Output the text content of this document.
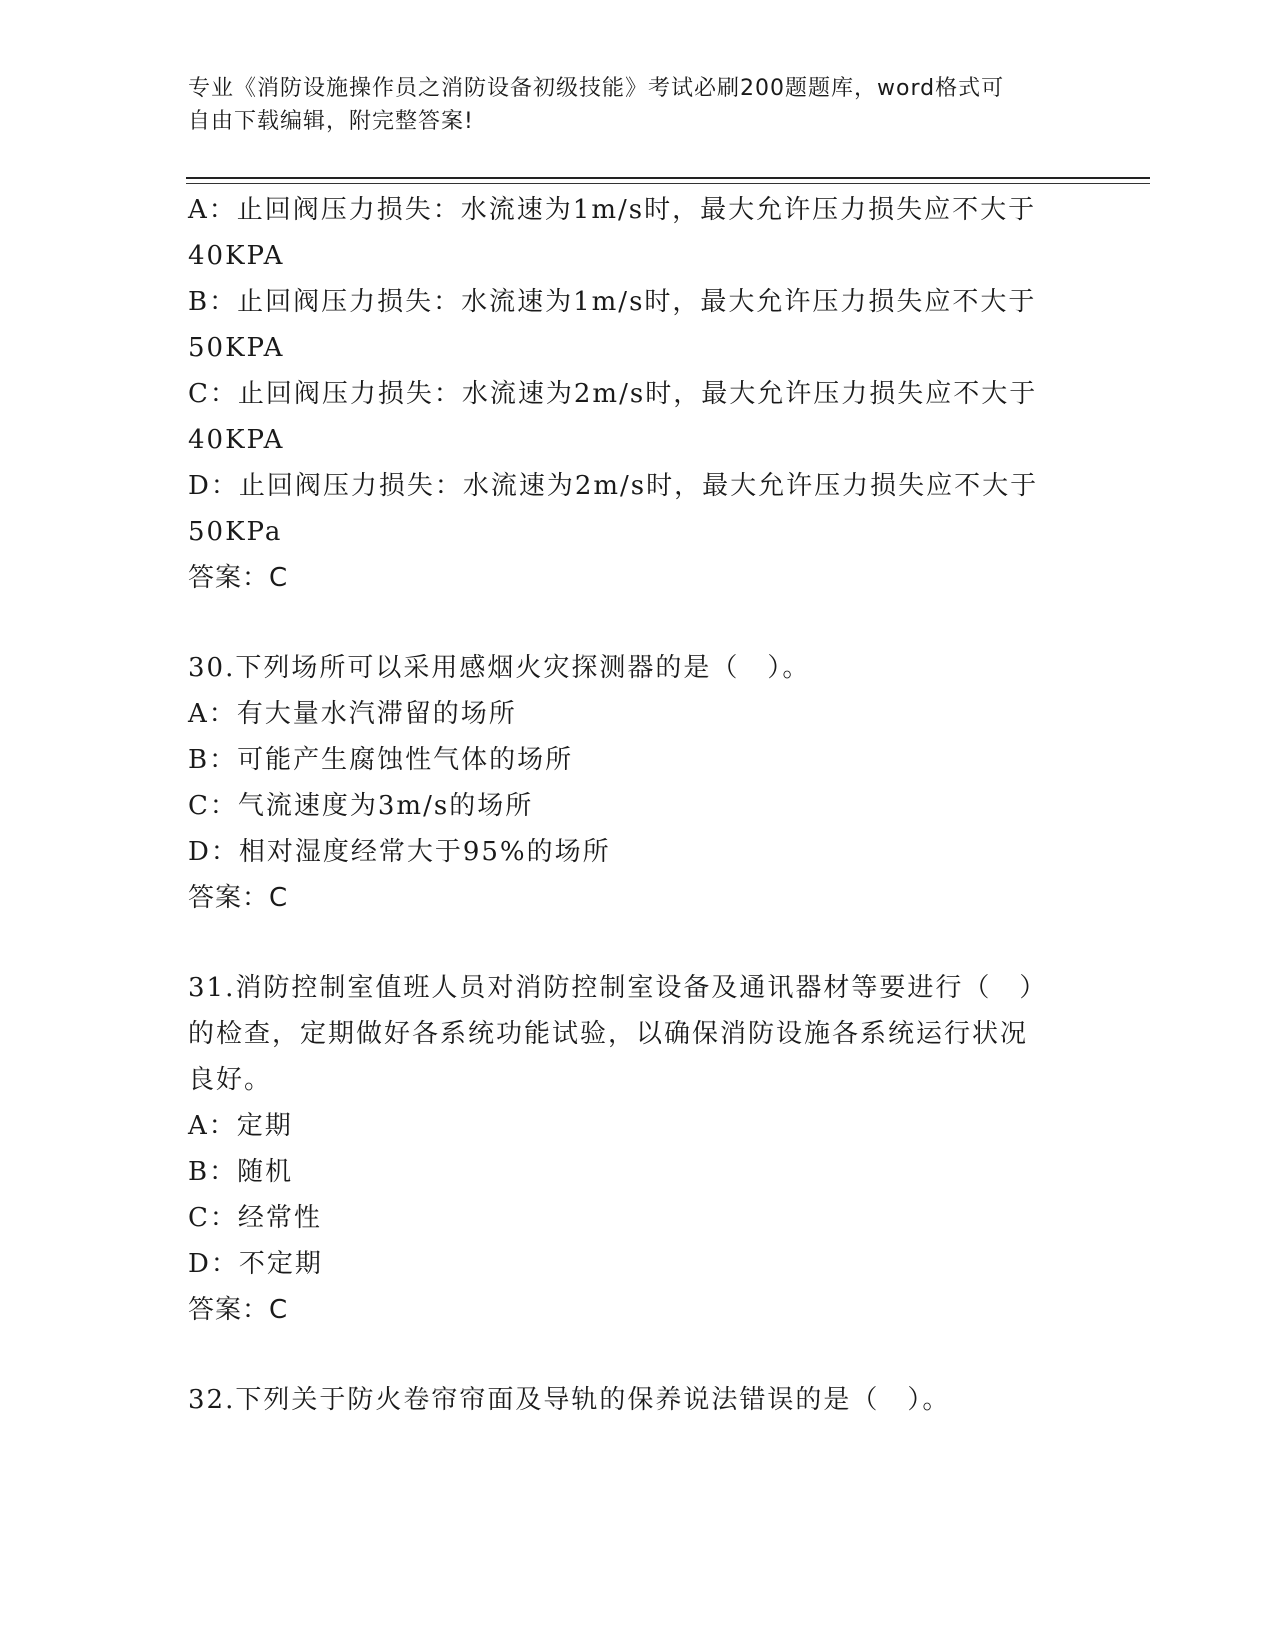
专业《消防设施操作员之消防设备初级技能》考试必刷200题题库，word格式可
自由下载编辑，附完整答案!
A：止回阀压力损失：水流速为1m/s时，最大允许压力损失应不大于
40KPA
B：止回阀压力损失：水流速为1m/s时，最大允许压力损失应不大于
50KPA
C：止回阀压力损失：水流速为2m/s时，最大允许压力损失应不大于
40KPA
D：止回阀压力损失：水流速为2m/s时，最大允许压力损失应不大于
50KPa
答案：C
30.下列场所可以采用感烟火灾探测器的是（　）。
A：有大量水汽滞留的场所
B：可能产生腐蚀性气体的场所
C：气流速度为3m/s的场所
D：相对湿度经常大于95%的场所
答案：C
31.消防控制室值班人员对消防控制室设备及通讯器材等要进行（　）
的检查，定期做好各系统功能试验，以确保消防设施各系统运行状况
良好。
A：定期
B：随机
C：经常性
D：不定期
答案：C
32.下列关于防火卷帘帘面及导轨的保养说法错误的是（　）。
